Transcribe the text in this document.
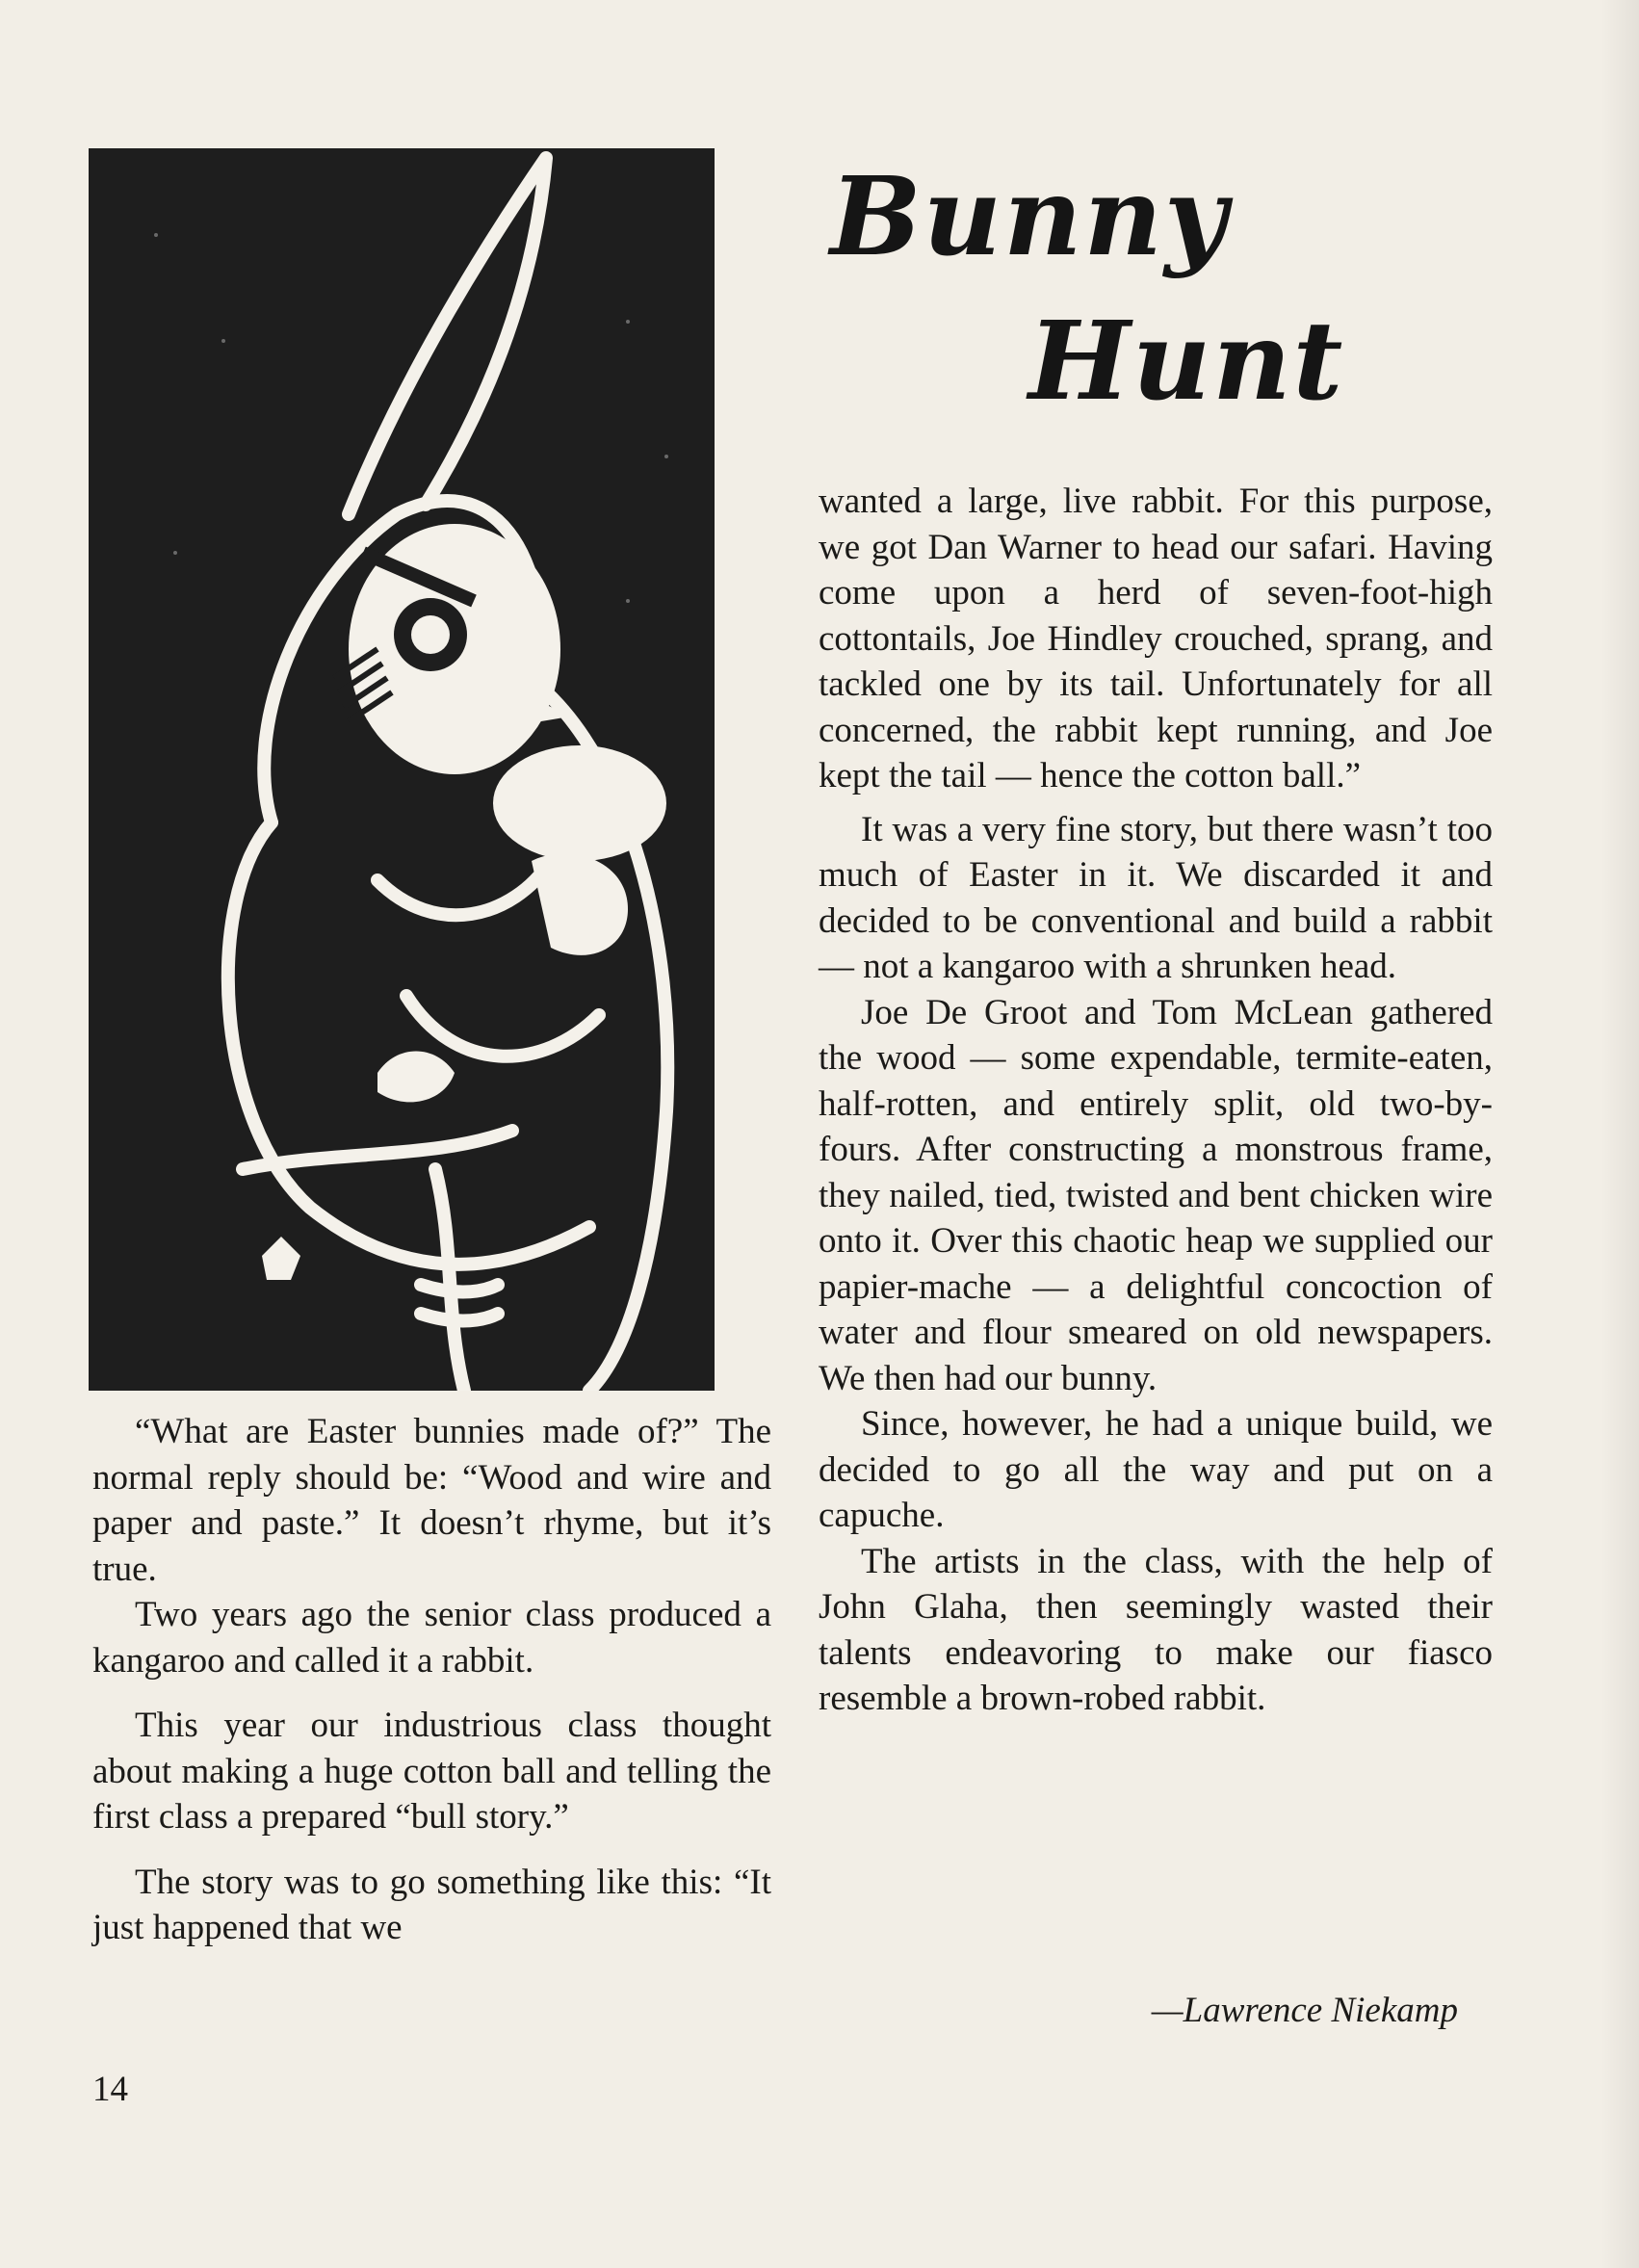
Bunny
Hunt

“What are Easter bunnies made of?” The normal reply should be: “Wood and wire and paper and paste.” It doesn’t rhyme, but it’s true.

Two years ago the senior class produced a kangaroo and called it a rabbit.

This year our industrious class thought about making a huge cotton ball and telling the first class a prepared “bull story.”

The story was to go something like this: “It just happened that we

wanted a large, live rabbit. For this purpose, we got Dan Warner to head our safari. Having come upon a herd of seven-foot-high cottontails, Joe Hindley crouched, sprang, and tackled one by its tail. Unfortunately for all concerned, the rabbit kept running, and Joe kept the tail — hence the cotton ball.”

It was a very fine story, but there wasn’t too much of Easter in it. We discarded it and decided to be conventional and build a rabbit — not a kangaroo with a shrunken head.

Joe De Groot and Tom McLean gathered the wood — some expendable, termite-eaten, half-rotten, and entirely split, old two-by-fours. After constructing a monstrous frame, they nailed, tied, twisted and bent chicken wire onto it. Over this chaotic heap we supplied our papier-mache — a delightful concoction of water and flour smeared on old newspapers. We then had our bunny.

Since, however, he had a unique build, we decided to go all the way and put on a capuche.

The artists in the class, with the help of John Glaha, then seemingly wasted their talents endeavoring to make our fiasco resemble a brown-robed rabbit.

—Lawrence Niekamp
14
